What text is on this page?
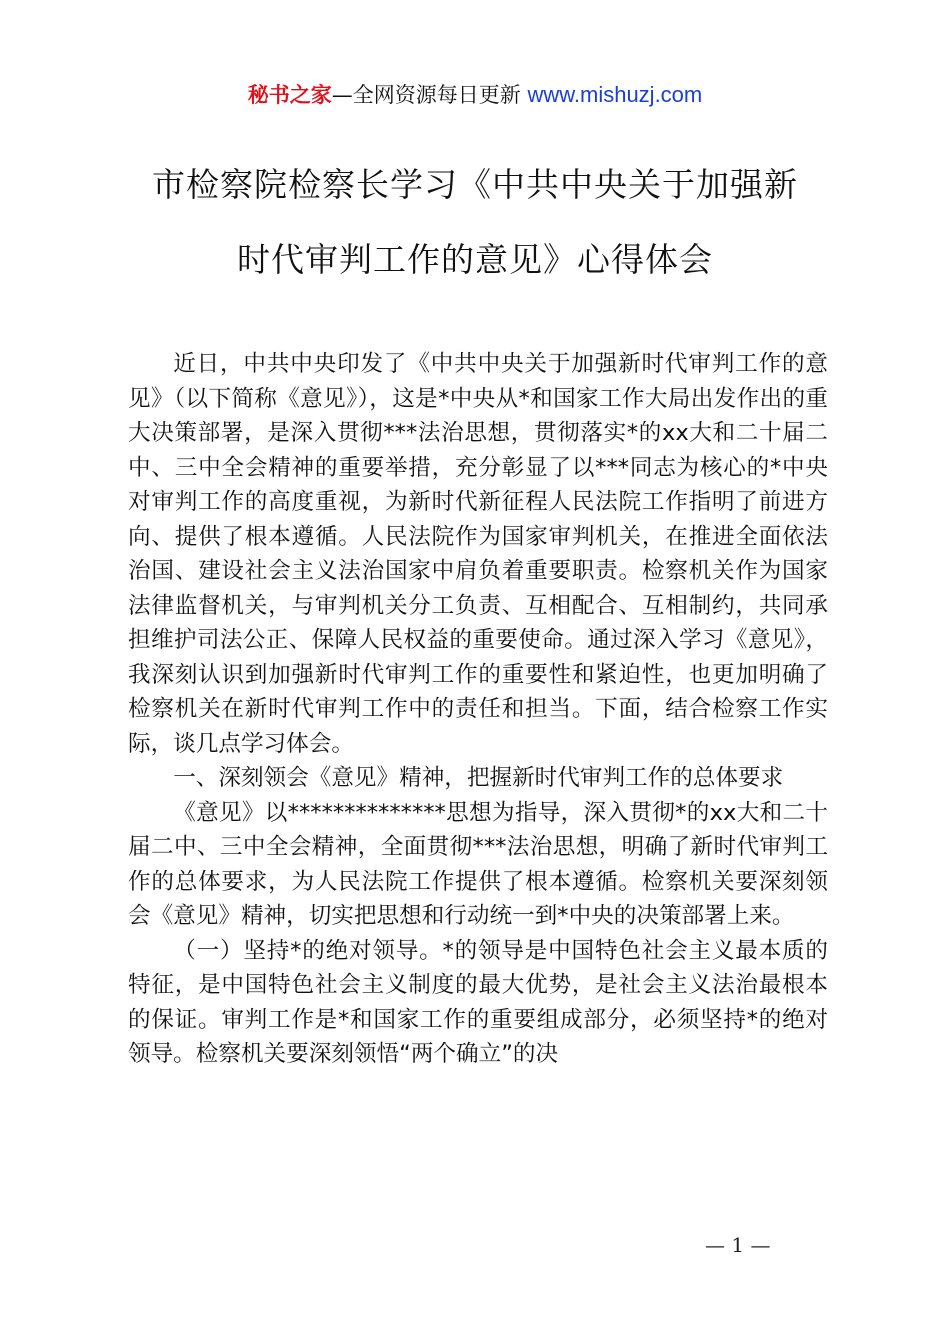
秘书之家—全网资源每日更新 www.mishuzj.com
市检察院检察长学习《中共中央关于加强新
时代审判工作的意见》心得体会

近日，中共中央印发了《中共中央关于加强新时代审判工作的意见》（以下简称《意见》），这是*中央从*和国家工作大局出发作出的重大决策部署，是深入贯彻***法治思想，贯彻落实*的xx大和二十届二中、三中全会精神的重要举措，充分彰显了以***同志为核心的*中央对审判工作的高度重视，为新时代新征程人民法院工作指明了前进方向、提供了根本遵循。人民法院作为国家审判机关，在推进全面依法治国、建设社会主义法治国家中肩负着重要职责。检察机关作为国家法律监督机关，与审判机关分工负责、互相配合、互相制约，共同承担维护司法公正、保障人民权益的重要使命。通过深入学习《意见》，我深刻认识到加强新时代审判工作的重要性和紧迫性，也更加明确了检察机关在新时代审判工作中的责任和担当。下面，结合检察工作实际，谈几点学习体会。

一、深刻领会《意见》精神，把握新时代审判工作的总体要求

《意见》以**************思想为指导，深入贯彻*的xx大和二十届二中、三中全会精神，全面贯彻***法治思想，明确了新时代审判工作的总体要求，为人民法院工作提供了根本遵循。检察机关要深刻领会《意见》精神，切实把思想和行动统一到*中央的决策部署上来。

（一）坚持*的绝对领导。*的领导是中国特色社会主义最本质的特征，是中国特色社会主义制度的最大优势，是社会主义法治最根本的保证。审判工作是*和国家工作的重要组成部分，必须坚持*的绝对领导。检察机关要深刻领悟“两个确立”的决

— 1 —
